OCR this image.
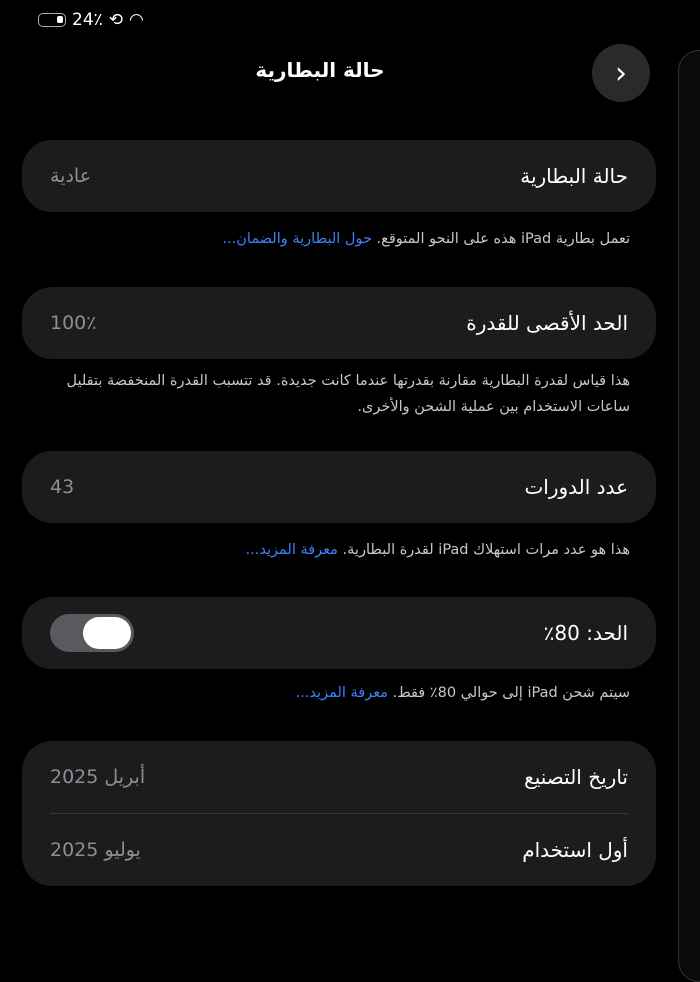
24٪ ⟲ ◠
حالة البطارية	›
حالة البطارية
عادية
تعمل بطارية iPad هذه على النحو المتوقع. حول البطارية والضمان...
الحد الأقصى للقدرة
100٪
هذا قياس لقدرة البطارية مقارنة بقدرتها عندما كانت جديدة. قد تتسبب القدرة المنخفضة بتقليل ساعات الاستخدام بين عملية الشحن والأخرى.
عدد الدورات
43
هذا هو عدد مرات استهلاك iPad لقدرة البطارية. معرفة المزيد...
الحد: 80٪
سيتم شحن iPad إلى حوالي 80٪ فقط. معرفة المزيد...
تاريخ التصنيع
أبريل 2025
أول استخدام
يوليو 2025
